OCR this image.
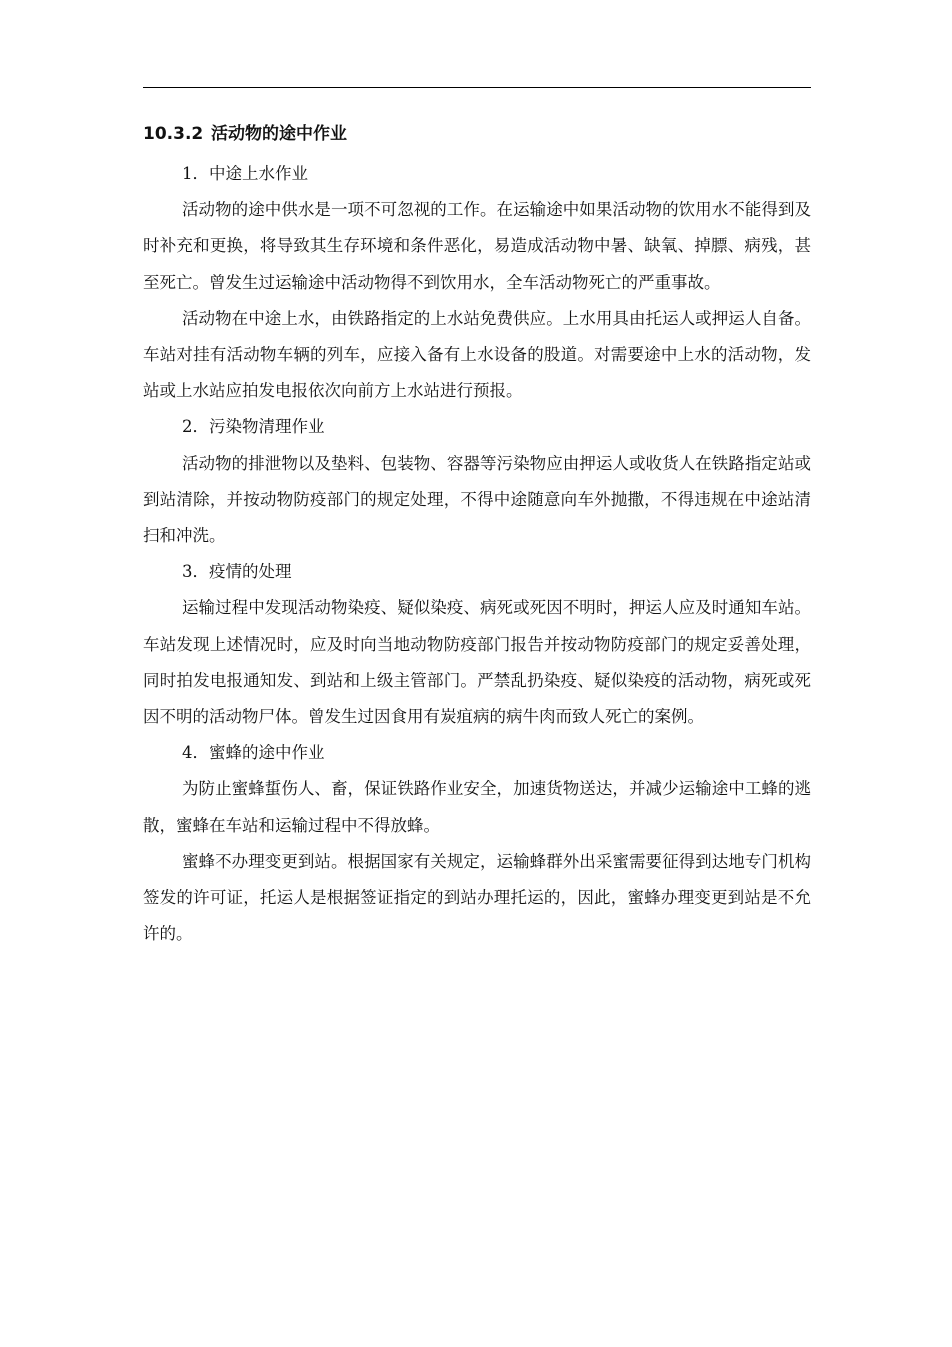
10.3.2 活动物的途中作业

1．中途上水作业

活动物的途中供水是一项不可忽视的工作。在运输途中如果活动物的饮用水不能得到及时补充和更换，将导致其生存环境和条件恶化，易造成活动物中暑、缺氧、掉膘、病残，甚至死亡。曾发生过运输途中活动物得不到饮用水，全车活动物死亡的严重事故。

活动物在中途上水，由铁路指定的上水站免费供应。上水用具由托运人或押运人自备。车站对挂有活动物车辆的列车，应接入备有上水设备的股道。对需要途中上水的活动物，发站或上水站应拍发电报依次向前方上水站进行预报。

2．污染物清理作业

活动物的排泄物以及垫料、包装物、容器等污染物应由押运人或收货人在铁路指定站或到站清除，并按动物防疫部门的规定处理，不得中途随意向车外抛撒，不得违规在中途站清扫和冲洗。

3．疫情的处理

运输过程中发现活动物染疫、疑似染疫、病死或死因不明时，押运人应及时通知车站。车站发现上述情况时，应及时向当地动物防疫部门报告并按动物防疫部门的规定妥善处理，同时拍发电报通知发、到站和上级主管部门。严禁乱扔染疫、疑似染疫的活动物，病死或死因不明的活动物尸体。曾发生过因食用有炭疽病的病牛肉而致人死亡的案例。

4．蜜蜂的途中作业

为防止蜜蜂蜇伤人、畜，保证铁路作业安全，加速货物送达，并减少运输途中工蜂的逃散，蜜蜂在车站和运输过程中不得放蜂。

蜜蜂不办理变更到站。根据国家有关规定，运输蜂群外出采蜜需要征得到达地专门机构签发的许可证，托运人是根据签证指定的到站办理托运的，因此，蜜蜂办理变更到站是不允许的。
